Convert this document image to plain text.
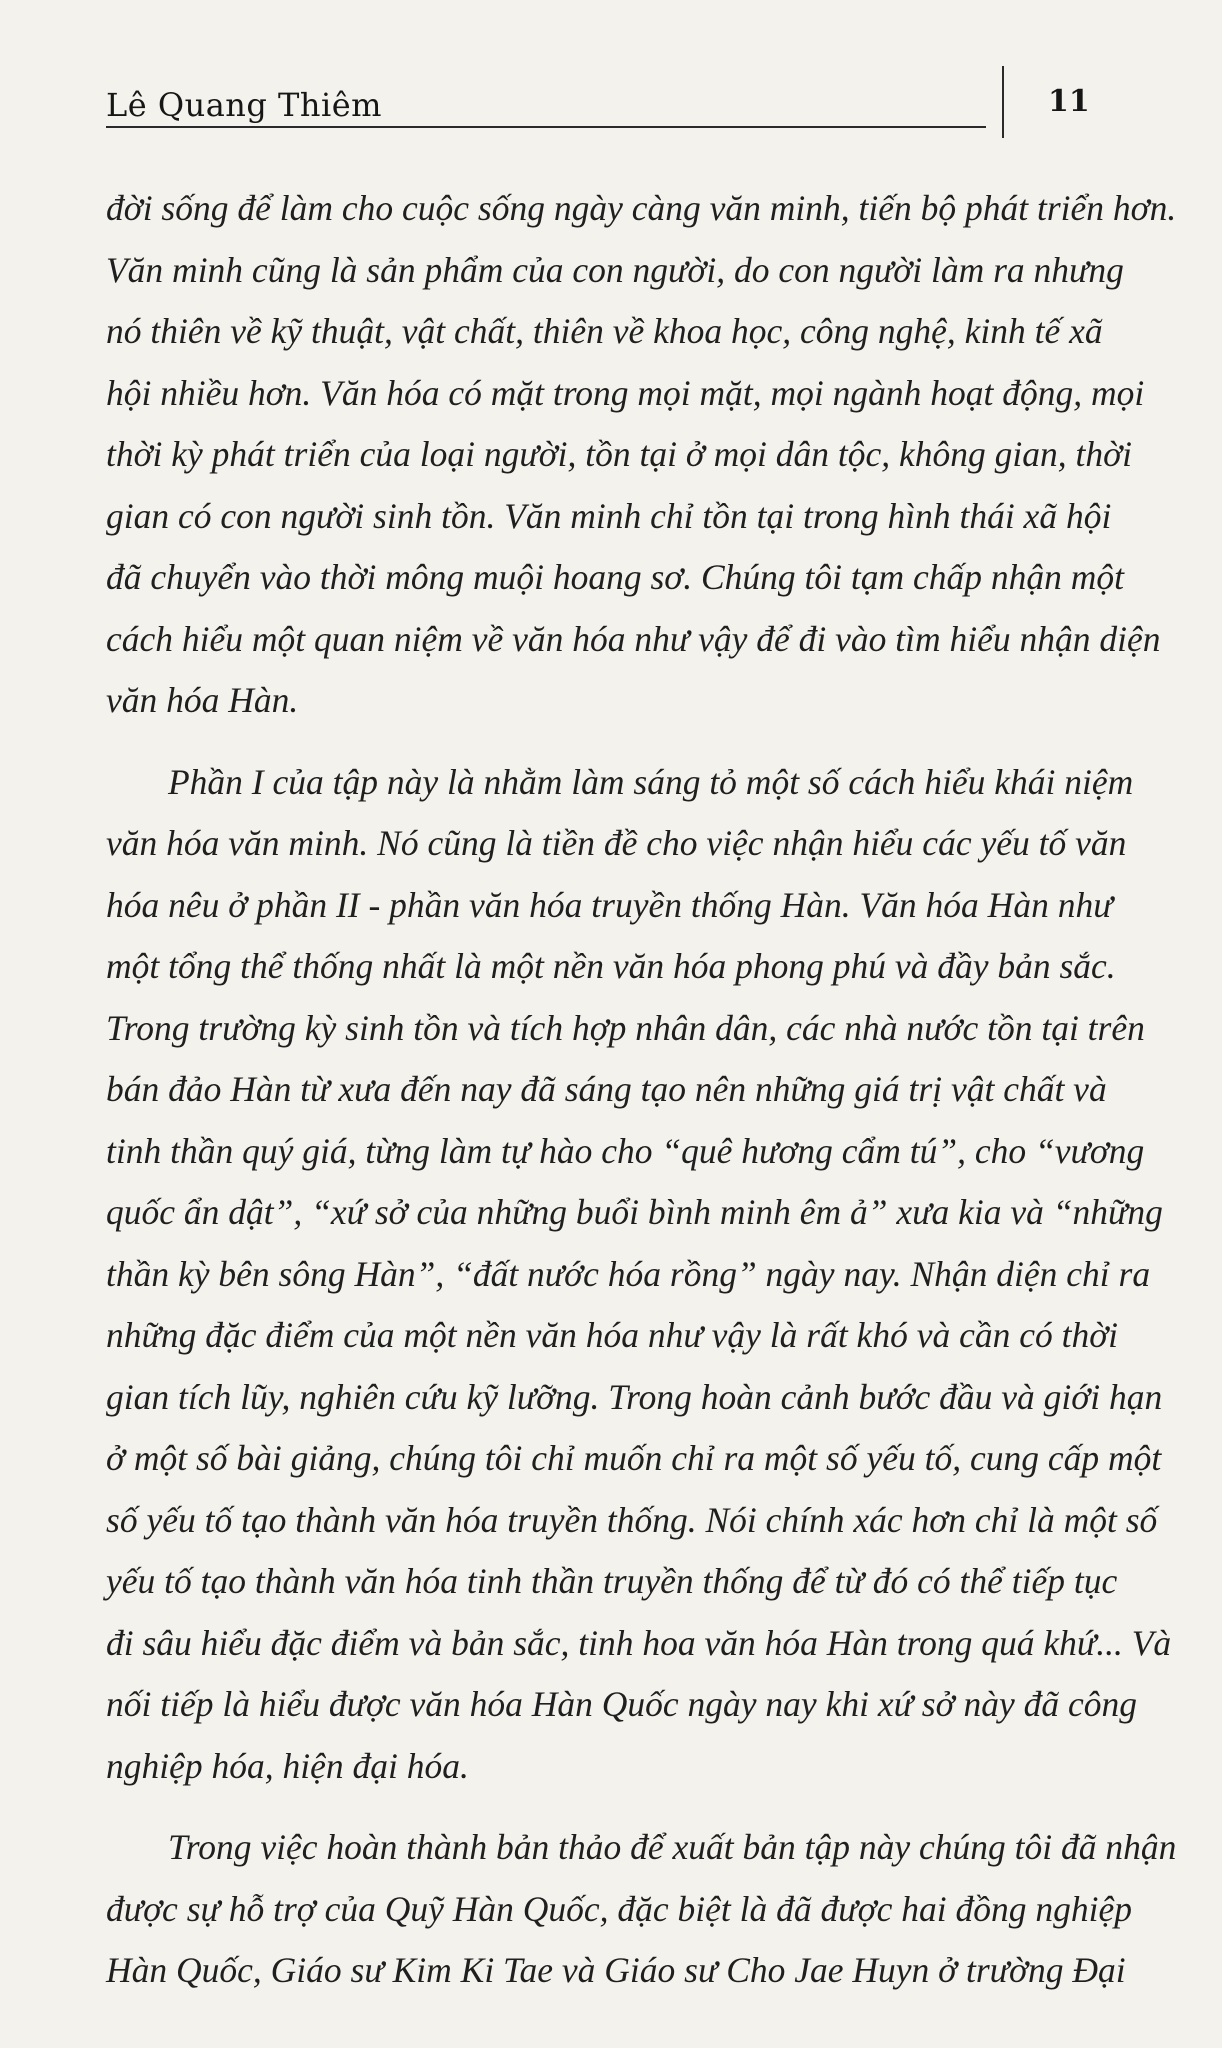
Lê Quang Thiêm	11

đời sống để làm cho cuộc sống ngày càng văn minh, tiến bộ phát triển hơn.
Văn minh cũng là sản phẩm của con người, do con người làm ra nhưng
nó thiên về kỹ thuật, vật chất, thiên về khoa học, công nghệ, kinh tế xã
hội nhiều hơn. Văn hóa có mặt trong mọi mặt, mọi ngành hoạt động, mọi
thời kỳ phát triển của loại người, tồn tại ở mọi dân tộc, không gian, thời
gian có con người sinh tồn. Văn minh chỉ tồn tại trong hình thái xã hội
đã chuyển vào thời mông muội hoang sơ. Chúng tôi tạm chấp nhận một
cách hiểu một quan niệm về văn hóa như vậy để đi vào tìm hiểu nhận diện
văn hóa Hàn.

Phần I của tập này là nhằm làm sáng tỏ một số cách hiểu khái niệm
văn hóa văn minh. Nó cũng là tiền đề cho việc nhận hiểu các yếu tố văn
hóa nêu ở phần II - phần văn hóa truyền thống Hàn. Văn hóa Hàn như
một tổng thể thống nhất là một nền văn hóa phong phú và đầy bản sắc.
Trong trường kỳ sinh tồn và tích hợp nhân dân, các nhà nước tồn tại trên
bán đảo Hàn từ xưa đến nay đã sáng tạo nên những giá trị vật chất và
tinh thần quý giá, từng làm tự hào cho “quê hương cẩm tú”, cho “vương
quốc ẩn dật”, “xứ sở của những buổi bình minh êm ả” xưa kia và “những
thần kỳ bên sông Hàn”, “đất nước hóa rồng” ngày nay. Nhận diện chỉ ra
những đặc điểm của một nền văn hóa như vậy là rất khó và cần có thời
gian tích lũy, nghiên cứu kỹ lưỡng. Trong hoàn cảnh bước đầu và giới hạn
ở một số bài giảng, chúng tôi chỉ muốn chỉ ra một số yếu tố, cung cấp một
số yếu tố tạo thành văn hóa truyền thống. Nói chính xác hơn chỉ là một số
yếu tố tạo thành văn hóa tinh thần truyền thống để từ đó có thể tiếp tục
đi sâu hiểu đặc điểm và bản sắc, tinh hoa văn hóa Hàn trong quá khứ... Và
nối tiếp là hiểu được văn hóa Hàn Quốc ngày nay khi xứ sở này đã công
nghiệp hóa, hiện đại hóa.

Trong việc hoàn thành bản thảo để xuất bản tập này chúng tôi đã nhận
được sự hỗ trợ của Quỹ Hàn Quốc, đặc biệt là đã được hai đồng nghiệp
Hàn Quốc, Giáo sư Kim Ki Tae và Giáo sư Cho Jae Huyn ở trường Đại
